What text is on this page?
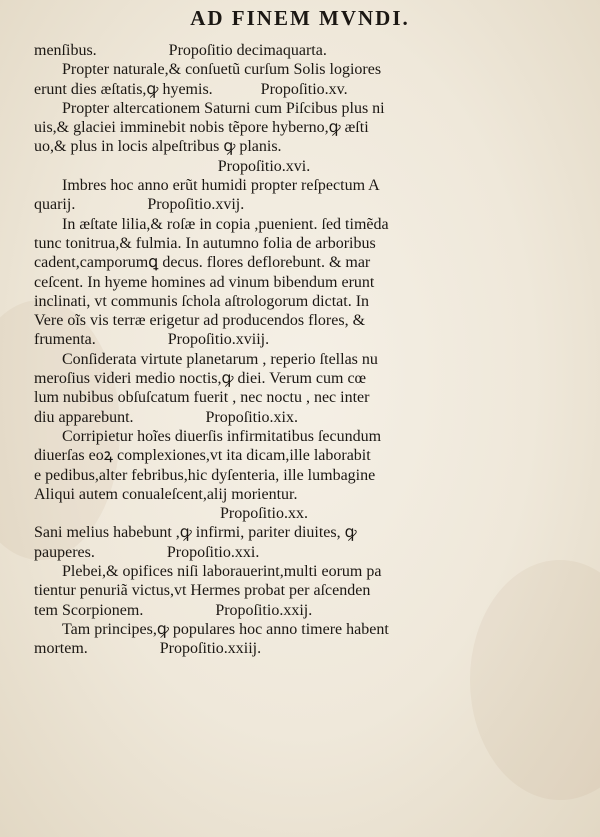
AD FINEM MVNDI.
menſibus.	Propoſitio decimaquarta.
Propter naturale,& conſuetũ curſum Solis logiores
erunt dies æſtatis,ꝙ hyemis.	Propoſitio.xv.
Propter altercationem Saturni cum Piſcibus plus ni
uis,& glaciei imminebit nobis tẽpore hyberno,ꝙ æſti
uo,& plus in locis alpeſtribus ꝙ planis.
Propoſitio.xvi.
Imbres hoc anno erũt humidi propter reſpectum A
quarij.	Propoſitio.xvij.
In æſtate lilia,& roſæ in copia ,puenient. ſed timẽda
tunc tonitrua,& fulmia. In autumno folia de arboribus
cadent,camporumꝗ decus. flores deflorebunt. & mar
ceſcent. In hyeme homines ad vinum bibendum erunt
inclinati, vt communis ſchola aſtrologorum dictat. In
Vere oĩs vis terræ erigetur ad producendos flores, &
frumenta.	Propoſitio.xviij.
Conſiderata virtute planetarum , reperio ſtellas nu
meroſius videri medio noctis,ꝙ diei. Verum cum cœ
lum nubibus obſuſcatum fuerit , nec noctu , nec inter
diu apparebunt.	Propoſitio.xix.
Corripietur hoĩes diuerſis infirmitatibus ſecundum
diuerſas eoꝝ complexiones,vt ita dicam,ille laborabit
e pedibus,alter febribus,hic dyſenteria, ille lumbagine
Aliqui autem conualeſcent,alij morientur.
Propoſitio.xx.
Sani melius habebunt ,ꝙ infirmi, pariter diuites, ꝙ
pauperes.	Propoſitio.xxi.
Plebei,& opifices niſi laborauerint,multi eorum pa
tientur penuriã victus,vt Hermes probat per aſcenden
tem Scorpionem.	Propoſitio.xxij.
Tam principes,ꝙ populares hoc anno timere habent
mortem.	Propoſitio.xxiij.
